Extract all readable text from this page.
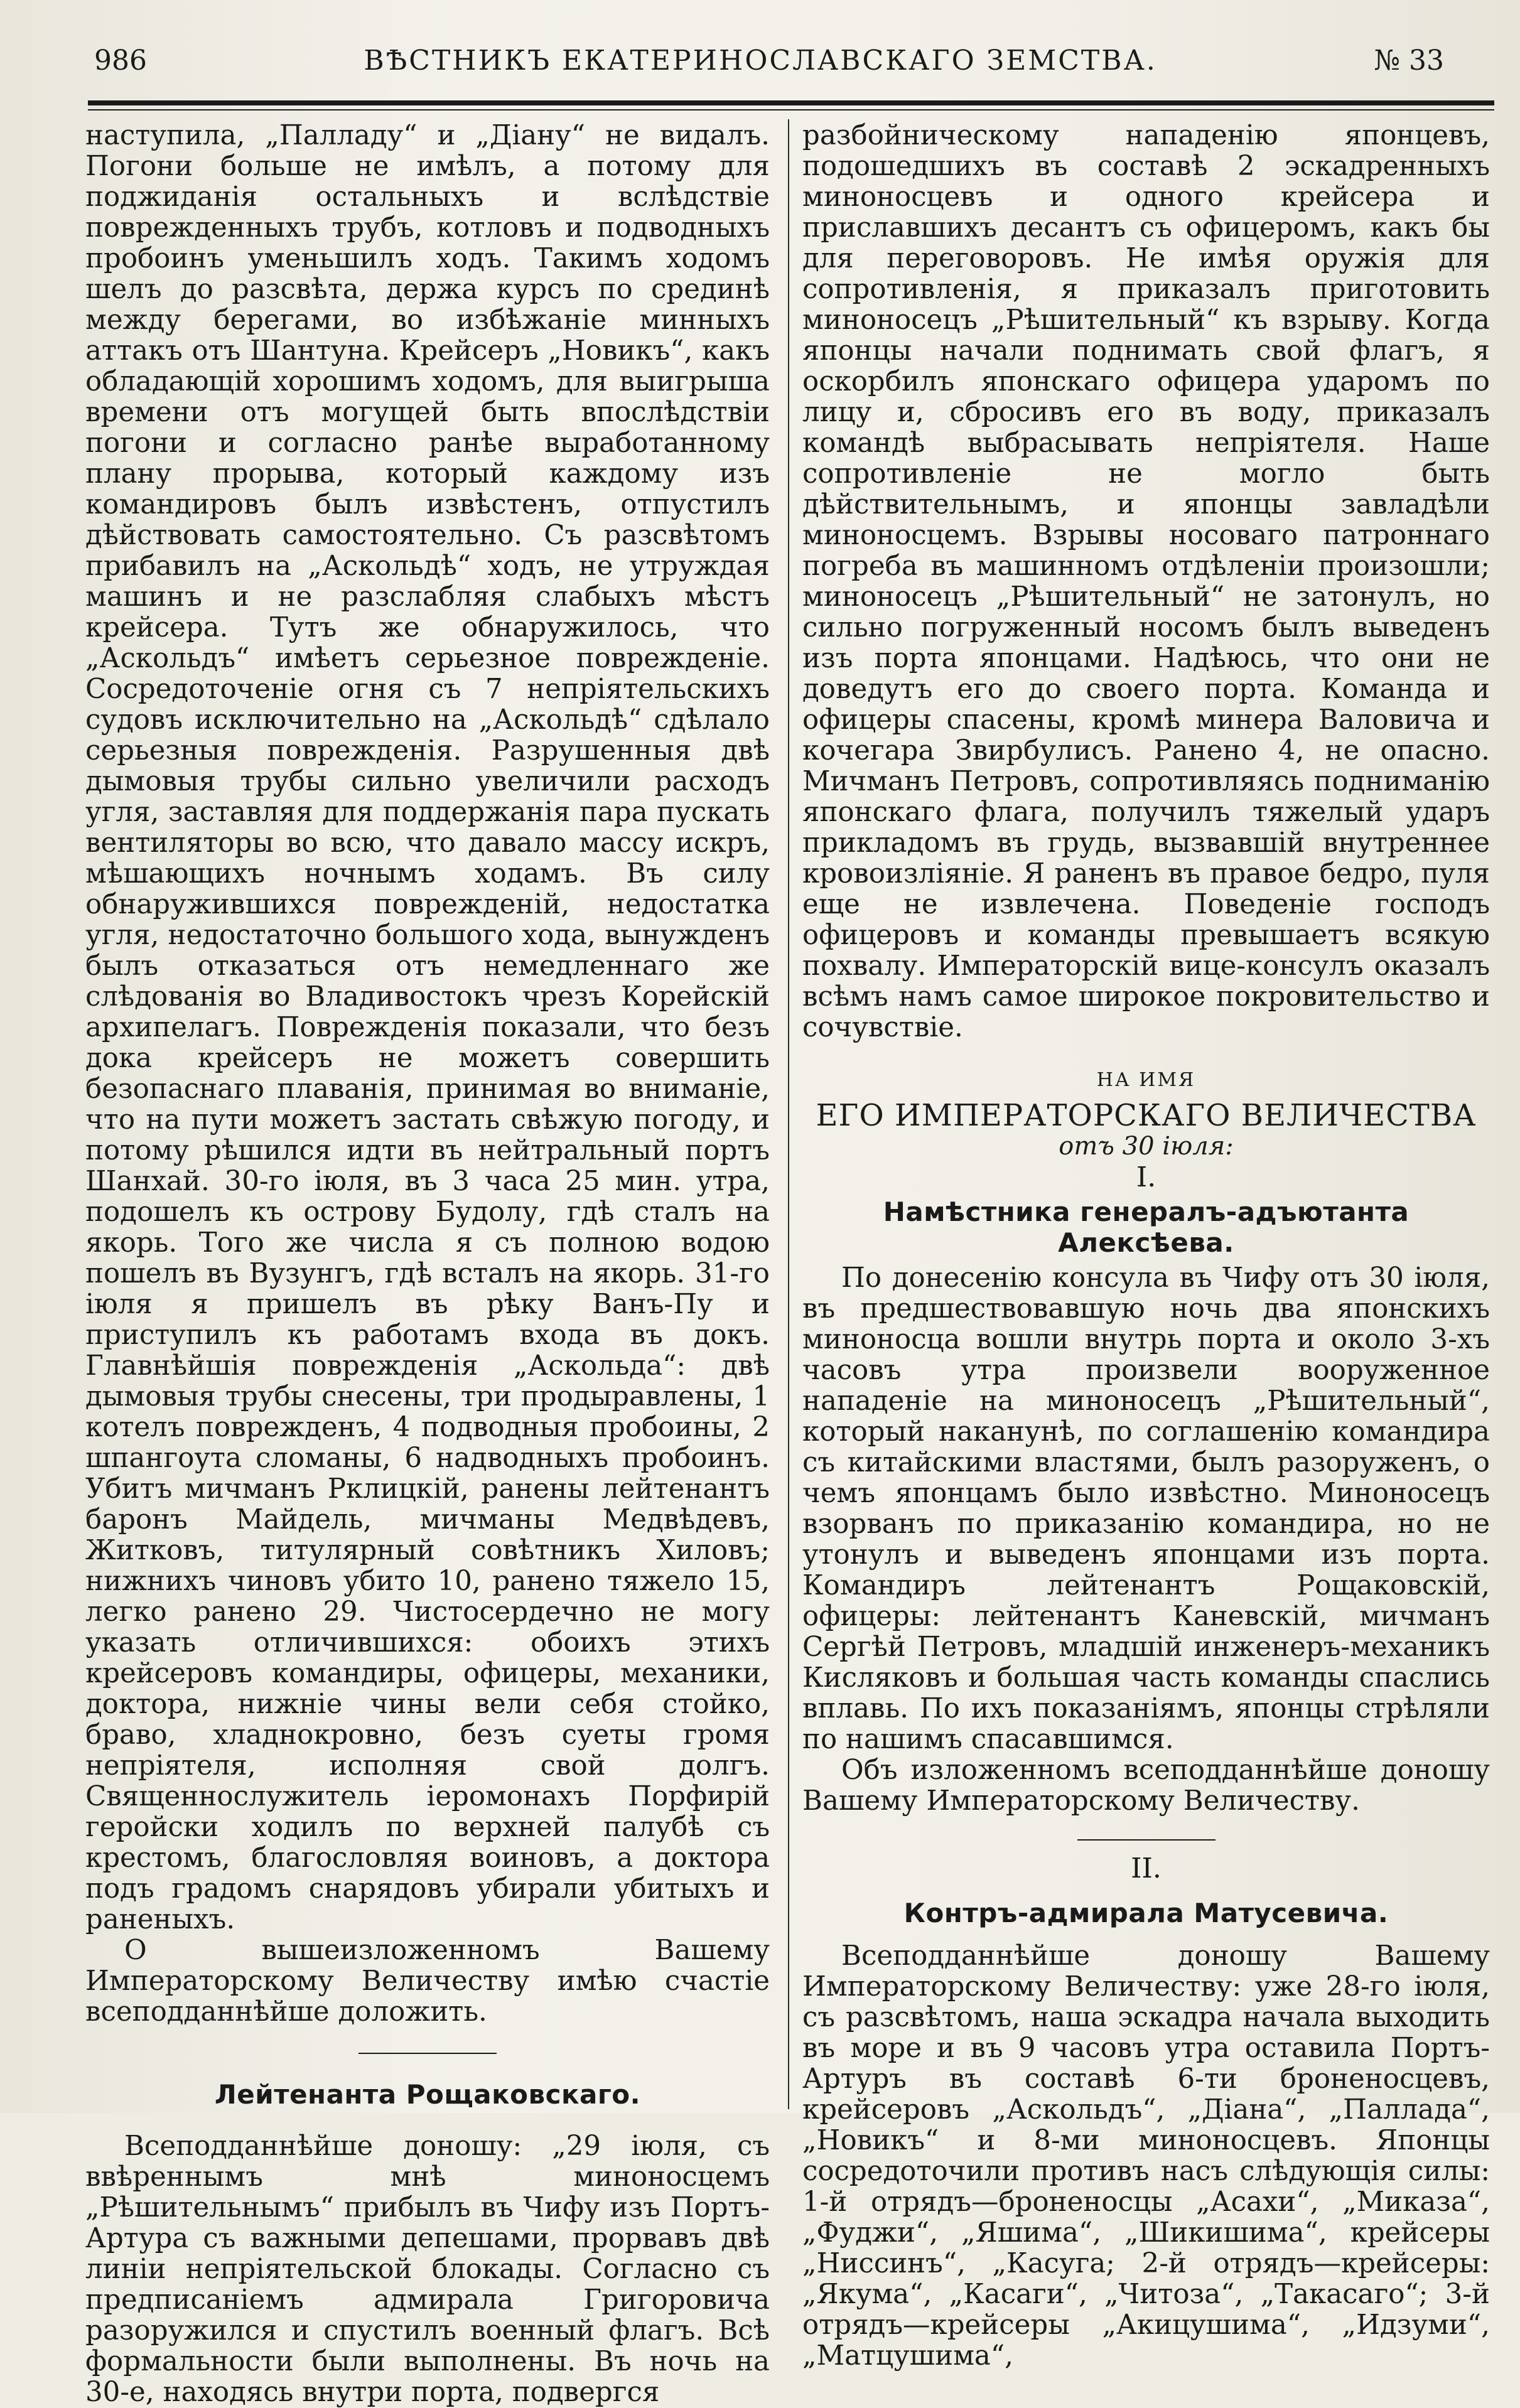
986	ВѢСТНИКЪ ЕКАТЕРИНОСЛАВСКАГО ЗЕМСТВА.	№ 33

наступила, „Палладу“ и „Діану“ не видалъ. Погони больше не имѣлъ, а потому для поджиданія остальныхъ и вслѣдствіе поврежденныхъ трубъ, котловъ и подводныхъ пробоинъ уменьшилъ ходъ. Такимъ ходомъ шелъ до разсвѣта, держа курсъ по срединѣ между берегами, во избѣжаніе минныхъ аттакъ отъ Шантуна. Крейсеръ „Новикъ“, какъ обладающій хорошимъ ходомъ, для выигрыша времени отъ могущей быть впослѣдствіи погони и согласно ранѣе выработанному плану прорыва, который каждому изъ командировъ былъ извѣстенъ, отпустилъ дѣйствовать самостоятельно. Съ разсвѣтомъ прибавилъ на „Аскольдѣ“ ходъ, не утруждая машинъ и не разслабляя слабыхъ мѣстъ крейсера. Тутъ же обнаружилось, что „Аскольдъ“ имѣетъ серьезное поврежденіе. Сосредоточеніе огня съ 7 непріятельскихъ судовъ исключительно на „Аскольдѣ“ сдѣлало серьезныя поврежденія. Разрушенныя двѣ дымовыя трубы сильно увеличили расходъ угля, заставляя для поддержанія пара пускать вентиляторы во всю, что давало массу искръ, мѣшающихъ ночнымъ ходамъ. Въ силу обнаружившихся поврежденій, недостатка угля, недостаточно большого хода, вынужденъ былъ отказаться отъ немедленнаго же слѣдованія во Владивостокъ чрезъ Корейскій архипелагъ. Поврежденія показали, что безъ дока крейсеръ не можетъ совершить безопаснаго плаванія, принимая во вниманіе, что на пути можетъ застать свѣжую погоду, и потому рѣшился идти въ нейтральный портъ Шанхай. 30-го іюля, въ 3 часа 25 мин. утра, подошелъ къ острову Будолу, гдѣ сталъ на якорь. Того же числа я съ полною водою пошелъ въ Вузунгъ, гдѣ всталъ на якорь. 31-го іюля я пришелъ въ рѣку Ванъ-Пу и приступилъ къ работамъ входа въ докъ. Главнѣйшія поврежденія „Аскольда“: двѣ дымовыя трубы снесены, три продыравлены, 1 котелъ поврежденъ, 4 подводныя пробоины, 2 шпангоута сломаны, 6 надводныхъ пробоинъ. Убитъ мичманъ Рклицкій, ранены лейтенантъ баронъ Майдель, мичманы Медвѣдевъ, Житковъ, титулярный совѣтникъ Хиловъ; нижнихъ чиновъ убито 10, ранено тяжело 15, легко ранено 29. Чистосердечно не могу указать отличившихся: обоихъ этихъ крейсеровъ командиры, офицеры, механики, доктора, нижніе чины вели себя стойко, браво, хладнокровно, безъ суеты громя непріятеля, исполняя свой долгъ. Священнослужитель іеромонахъ Порфирій геройски ходилъ по верхней палубѣ съ крестомъ, благословляя воиновъ, а доктора подъ градомъ снарядовъ убирали убитыхъ и раненыхъ.

О вышеизложенномъ Вашему Императорскому Величеству имѣю счастіе всеподданнѣйше доложить.

Лейтенанта Рощаковскаго.

Всеподданнѣйше доношу: „29 іюля, съ ввѣреннымъ мнѣ миноносцемъ „Рѣшительнымъ“ прибылъ въ Чифу изъ Портъ-Артура съ важными депешами, прорвавъ двѣ линіи непріятельской блокады. Согласно съ предписаніемъ адмирала Григоровича разоружился и спустилъ военный флагъ. Всѣ формальности были выполнены. Въ ночь на 30-е, находясь внутри порта, подвергся

разбойническому нападенію японцевъ, подошедшихъ въ составѣ 2 эскадренныхъ миноносцевъ и одного крейсера и приславшихъ десантъ съ офицеромъ, какъ бы для переговоровъ. Не имѣя оружія для сопротивленія, я приказалъ приготовить миноносецъ „Рѣшительный“ къ взрыву. Когда японцы начали поднимать свой флагъ, я оскорбилъ японскаго офицера ударомъ по лицу и, сбросивъ его въ воду, приказалъ командѣ выбрасывать непріятеля. Наше сопротивленіе не могло быть дѣйствительнымъ, и японцы завладѣли миноносцемъ. Взрывы носоваго патроннаго погреба въ машинномъ отдѣленіи произошли; миноносецъ „Рѣшительный“ не затонулъ, но сильно погруженный носомъ былъ выведенъ изъ порта японцами. Надѣюсь, что они не доведутъ его до своего порта. Команда и офицеры спасены, кромѣ минера Валовича и кочегара Звирбулисъ. Ранено 4, не опасно. Мичманъ Петровъ, сопротивляясь подниманію японскаго флага, получилъ тяжелый ударъ прикладомъ въ грудь, вызвавшій внутреннее кровоизліяніе. Я раненъ въ правое бедро, пуля еще не извлечена. Поведеніе господъ офицеровъ и команды превышаетъ всякую похвалу. Императорскій вице-консулъ оказалъ всѣмъ намъ самое широкое покровительство и сочувствіе.

НА ИМЯ
ЕГО ИМПЕРАТОРСКАГО ВЕЛИЧЕСТВА
отъ 30 іюля:
I.
Намѣстника генералъ-адъютанта Алексѣева.

По донесенію консула въ Чифу отъ 30 іюля, въ предшествовавшую ночь два японскихъ миноносца вошли внутрь порта и около 3-хъ часовъ утра произвели вооруженное нападеніе на миноносецъ „Рѣшительный“, который наканунѣ, по соглашенію командира съ китайскими властями, былъ разоруженъ, о чемъ японцамъ было извѣстно. Миноносецъ взорванъ по приказанію командира, но не утонулъ и выведенъ японцами изъ порта. Командиръ лейтенантъ Рощаковскій, офицеры: лейтенантъ Каневскій, мичманъ Сергѣй Петровъ, младшій инженеръ-механикъ Кисляковъ и большая часть команды спаслись вплавь. По ихъ показаніямъ, японцы стрѣляли по нашимъ спасавшимся.

Объ изложенномъ всеподданнѣйше доношу Вашему Императорскому Величеству.

II.
Контръ-адмирала Матусевича.

Всеподданнѣйше доношу Вашему Императорскому Величеству: уже 28-го іюля, съ разсвѣтомъ, наша эскадра начала выходить въ море и въ 9 часовъ утра оставила Портъ-Артуръ въ составѣ 6-ти броненосцевъ, крейсеровъ „Аскольдъ“, „Діана“, „Паллада“, „Новикъ“ и 8-ми миноносцевъ. Японцы сосредоточили противъ насъ слѣдующія силы: 1-й отрядъ—броненосцы „Асахи“, „Миказа“, „Фуджи“, „Яшима“, „Шикишима“, крейсеры „Ниссинъ“, „Касуга; 2-й отрядъ—крейсеры: „Якума“, „Касаги“, „Читоза“, „Такасаго“; 3-й отрядъ—крейсеры „Акицушима“, „Идзуми“, „Матцушима“,
